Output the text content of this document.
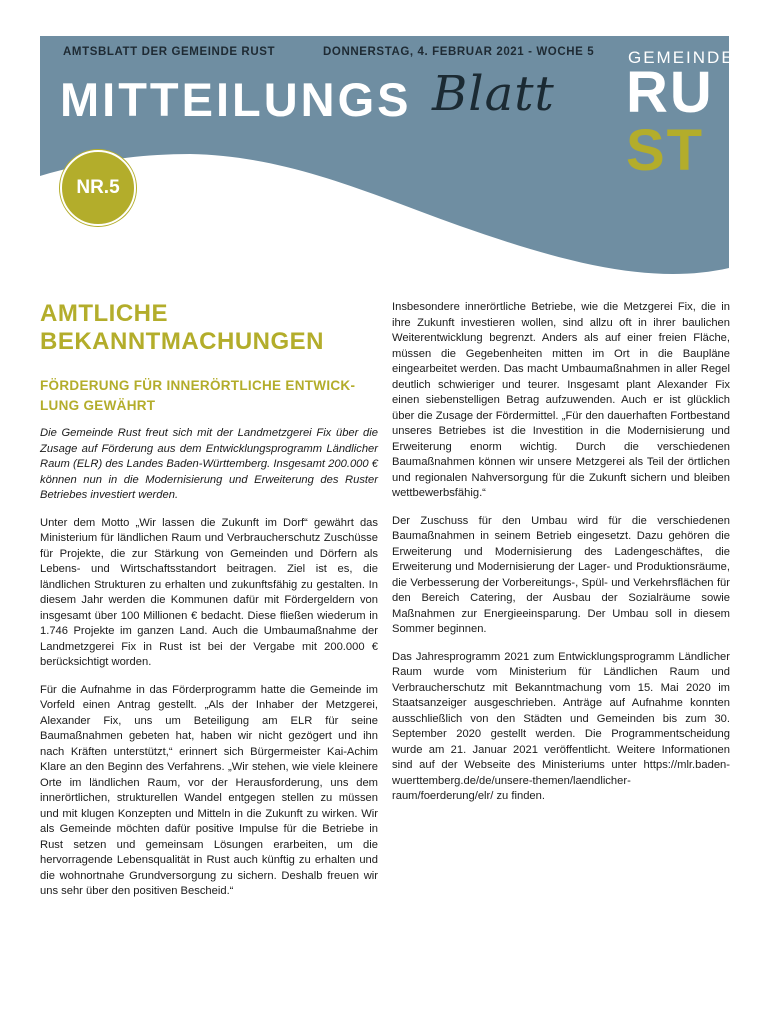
AMTSBLATT DER GEMEINDE RUST	DONNERSTAG, 4. FEBRUAR 2021 - WOCHE 5
MITTEILUNGS Blatt
GEMEINDE
RU
ST
NR.5
AMTLICHE BEKANNTMACHUNGEN
FÖRDERUNG FÜR INNERÖRTLICHE ENTWICK-LUNG GEWÄHRT

Die Gemeinde Rust freut sich mit der Landmetzgerei Fix über die Zusage auf Förderung aus dem Entwicklungsprogramm Ländlicher Raum (ELR) des Landes Baden-Württemberg. Insgesamt 200.000 € können nun in die Modernisierung und Erweiterung des Ruster Betriebes investiert werden.

Unter dem Motto „Wir lassen die Zukunft im Dorf“ gewährt das Ministerium für ländlichen Raum und Verbraucherschutz Zuschüsse für Projekte, die zur Stärkung von Gemeinden und Dörfern als Lebens- und Wirtschaftsstandort beitragen. Ziel ist es, die ländlichen Strukturen zu erhalten und zukunftsfähig zu gestalten. In diesem Jahr werden die Kommunen dafür mit Fördergeldern von insgesamt über 100 Millionen € bedacht. Diese fließen wiederum in 1.746 Projekte im ganzen Land. Auch die Umbaumaßnahme der Landmetzgerei Fix in Rust ist bei der Vergabe mit 200.000 € berücksichtigt worden.

Für die Aufnahme in das Förderprogramm hatte die Gemeinde im Vorfeld einen Antrag gestellt. „Als der Inhaber der Metzgerei, Alexander Fix, uns um Beteiligung am ELR für seine Baumaßnahmen gebeten hat, haben wir nicht gezögert und ihn nach Kräften unterstützt,“ erinnert sich Bürgermeister Kai-Achim Klare an den Beginn des Verfahrens. „Wir stehen, wie viele kleinere Orte im ländlichen Raum, vor der Herausforderung, uns dem innerörtlichen, strukturellen Wandel entgegen stellen zu müssen und mit klugen Konzepten und Mitteln in die Zukunft zu wirken. Wir als Gemeinde möchten dafür positive Impulse für die Betriebe in Rust setzen und gemeinsam Lösungen erarbeiten, um die hervorragende Lebensqualität in Rust auch künftig zu erhalten und die wohnortnahe Grundversorgung zu sichern. Deshalb freuen wir uns sehr über den positiven Bescheid.“

Insbesondere innerörtliche Betriebe, wie die Metzgerei Fix, die in ihre Zukunft investieren wollen, sind allzu oft in ihrer baulichen Weiterentwicklung begrenzt. Anders als auf einer freien Fläche, müssen die Gegebenheiten mitten im Ort in die Baupläne eingearbeitet werden. Das macht Umbaumaßnahmen in aller Regel deutlich schwieriger und teurer. Insgesamt plant Alexander Fix einen siebenstelligen Betrag aufzuwenden. Auch er ist glücklich über die Zusage der Fördermittel. „Für den dauerhaften Fortbestand unseres Betriebes ist die Investition in die Modernisierung und Erweiterung enorm wichtig. Durch die verschiedenen Baumaßnahmen können wir unsere Metzgerei als Teil der örtlichen und regionalen Nahversorgung für die Zukunft sichern und bleiben wettbewerbsfähig.“

Der Zuschuss für den Umbau wird für die verschiedenen Baumaßnahmen in seinem Betrieb eingesetzt. Dazu gehören die Erweiterung und Modernisierung des Ladengeschäftes, die Erweiterung und Modernisierung der Lager- und Produktionsräume, die Verbesserung der Vorbereitungs-, Spül- und Verkehrsflächen für den Bereich Catering, der Ausbau der Sozialräume sowie Maßnahmen zur Energieeinsparung. Der Umbau soll in diesem Sommer beginnen.

Das Jahresprogramm 2021 zum Entwicklungsprogramm Ländlicher Raum wurde vom Ministerium für Ländlichen Raum und Verbraucherschutz mit Bekanntmachung vom 15. Mai 2020 im Staatsanzeiger ausgeschrieben. Anträge auf Aufnahme konnten ausschließlich von den Städten und Gemeinden bis zum 30. September 2020 gestellt werden. Die Programmentscheidung wurde am 21. Januar 2021 veröffentlicht. Weitere Informationen sind auf der Webseite des Ministeriums unter https://mlr.baden-wuerttemberg.de/de/unsere-themen/laendlicher-raum/foerderung/elr/ zu finden.
